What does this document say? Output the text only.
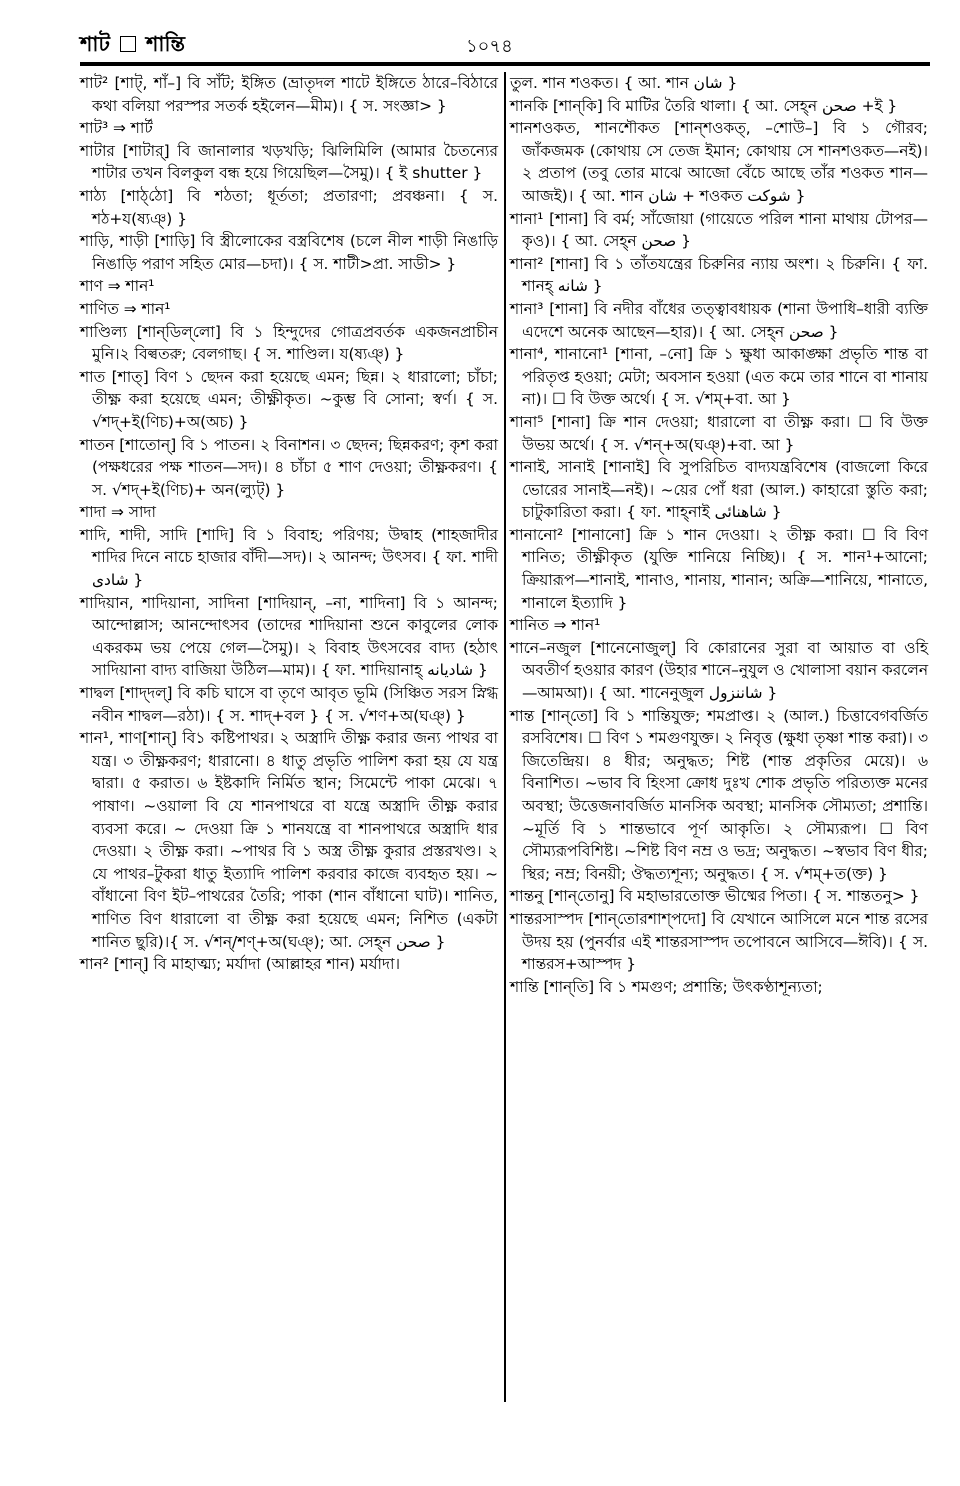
শাট শান্তি	১০৭৪

শাট² [শাট্, শাঁ–] বি সাঁট; ইঙ্গিত (ভ্রাতৃদল শাটে ইঙ্গিতে ঠারে–বিঠারে কথা বলিয়া পরস্পর সতর্ক হইলেন—মীম)। { স. সংজ্ঞা> }

শাট³ ⇒ শার্ট

শাটার [শাটার্] বি জানালার খড়খড়ি; ঝিলিমিলি (আমার চৈতন্যের শাটার তখন বিলকুল বন্ধ হয়ে গিয়েছিল—সৈমু)। { ই shutter }

শাঠ্য [শাঠ্‌ঠো] বি শঠতা; ধূর্ততা; প্রতারণা; প্রবঞ্চনা। { স. শঠ+য(ষ্যঞ্‌) }

শাড়ি, শাড়ী [শাড়ি] বি স্ত্রীলোকের বস্ত্রবিশেষ (চলে নীল শাড়ী নিঙাড়ি নিঙাড়ি পরাণ সহিত মোর—চদা)। { স. শাটী>প্রা. সাডী> }

শাণ ⇒ শান¹

শাণিত ⇒ শান¹

শাণ্ডিল্য [শান্‌ডিল্‌লো] বি ১ হিন্দুদের গোত্রপ্রবর্তক একজনপ্রাচীন মুনি।২ বিল্বতরু; বেলগাছ। { স. শাণ্ডিল। য(ষ্যঞ্‌) }

শাত [শাত্] বিণ ১ ছেদন করা হয়েছে এমন; ছিন্ন। ২ ধারালো; চাঁচা; তীক্ষ্ণ করা হয়েছে এমন; তীক্ষ্ণীকৃত। ~কুম্ভ বি সোনা; স্বর্ণ। { স. √শদ্+ই(ণিচ)+অ(অচ) }

শাতন [শাতোন্] বি ১ পাতন। ২ বিনাশন। ৩ ছেদন; ছিন্নকরণ; কৃশ করা (পক্ষধরের পক্ষ শাতন—সদ)। ৪ চাঁচা ৫ শাণ দেওয়া; তীক্ষ্ণকরণ। { স. √শদ্+ই(ণিচ)+ অন(ল্যুট্) }

শাদা ⇒ সাদা

শাদি, শাদী, সাদি [শাদি] বি ১ বিবাহ; পরিণয়; উদ্বাহ (শাহজাদীর শাদির দিনে নাচে হাজার বাঁদী—সদ)। ২ আনন্দ; উৎসব। { ফা. শাদী شادی }

শাদিয়ান, শাদিয়ানা, সাদিনা [শাদিয়ান্, –না, শাদিনা] বি ১ আনন্দ; আন্দোল্লাস; আনন্দোৎসব (তাদের শাদিয়ানা শুনে কাবুলের লোক একরকম ভয় পেয়ে গেল—সৈমু)। ২ বিবাহ উৎসবের বাদ্য (হঠাৎ সাদিয়ানা বাদ্য বাজিয়া উঠিল—মাম)। { ফা. শাদিয়ানাহ্ شادیانه }

শাদ্বল [শাদ্‌দল্] বি কচি ঘাসে বা তৃণে আবৃত ভূমি (সিঞ্চিত সরস স্নিগ্ধ নবীন শাদ্বল—রঠা)। { স. শাদ্+বল } { স. √শণ+অ(ঘঞ্‌) }

শান¹, শাণ[শান্] বি১ কষ্টিপাথর। ২ অস্ত্রাদি তীক্ষ্ণ করার জন্য পাথর বা যন্ত্র। ৩ তীক্ষ্ণকরণ; ধারানো। ৪ ধাতু প্রভৃতি পালিশ করা হয় যে যন্ত্র দ্বারা। ৫ করাত। ৬ ইষ্টকাদি নির্মিত স্থান; সিমেন্টে পাকা মেঝে। ৭ পাষাণ। ~ওয়ালা বি যে শানপাথরে বা যন্ত্রে অস্ত্রাদি তীক্ষ্ণ করার ব্যবসা করে। ~ দেওয়া ক্রি ১ শানযন্ত্রে বা শানপাথরে অস্ত্রাদি ধার দেওয়া। ২ তীক্ষ্ণ করা। ~পাথর বি ১ অস্ত্র তীক্ষ্ণ কুরার প্রস্তরখণ্ড। ২ যে পাথর–টুকরা ধাতু ইত্যাদি পালিশ করবার কাজে ব্যবহৃত হয়। ~ বাঁধানো বিণ ইট–পাথরের তৈরি; পাকা (শান বাঁধানো ঘাট)। শানিত, শাণিত বিণ ধারালো বা তীক্ষ্ণ করা হয়েছে এমন; নিশিত (একটা শানিত ছুরি)।{ স. √শন্/শণ্+অ(ঘঞ্‌); আ. সেহ্‌ন صحن }

শান² [শান্] বি মাহাত্ম্য; মর্যাদা (আল্লাহর শান) মর্যাদা।

তুল. শান শওকত। { আ. শান شان }

শানকি [শান্‌কি] বি মাটির তৈরি থালা। { আ. সেহ্‌ন صحن +ই }

শানশওকত, শানশৌকত [শান্‌শওকত্, –শোউ–] বি ১ গৌরব; জাঁকজমক (কোথায় সে তেজ ইমান; কোথায় সে শানশওকত—নই)। ২ প্রতাপ (তবু তোর মাঝে আজো বেঁচে আছে তাঁর শওকত শান—আজই)। { আ. শান شان + শওকত شوکت }

শানা¹ [শানা] বি বর্ম; সাঁজোয়া (গায়েতে পরিল শানা মাথায় টোপর—কৃও)। { আ. সেহ্‌ন صحن }

শানা² [শানা] বি ১ তাঁতযন্ত্রের চিরুনির ন্যায় অংশ। ২ চিরুনি। { ফা. শানহ্ شانه }

শানা³ [শানা] বি নদীর বাঁধের তত্ত্বাবধায়ক (শানা উপাধি–ধারী ব্যক্তি এদেশে অনেক আছেন—হার)। { আ. সেহ্‌ন صحن }

শানা⁴, শানানো¹ [শানা, –নো] ক্রি ১ ক্ষুধা আকাঙ্ক্ষা প্রভৃতি শান্ত বা পরিতৃপ্ত হওয়া; মেটা; অবসান হওয়া (এত কমে তার শানে বা শানায় না)। ☐ বি উক্ত অর্থে। { স. √শম্+বা. আ }

শানা⁵ [শানা] ক্রি শান দেওয়া; ধারালো বা তীক্ষ্ণ করা। ☐ বি উক্ত উভয় অর্থে। { স. √শন্+অ(ঘঞ্‌)+বা. আ }

শানাই, সানাই [শানাই] বি সুপরিচিত বাদ্যযন্ত্রবিশেষ (বাজলো কিরে ভোরের সানাই—নই)। ~য়ের পোঁ ধরা (আল.) কাহারো স্তুতি করা; চাটুকারিতা করা। { ফা. শাহ্‌নাই شاهنائی }

শানানো² [শানানো] ক্রি ১ শান দেওয়া। ২ তীক্ষ্ণ করা। ☐ বি বিণ শানিত; তীক্ষ্ণীকৃত (যুক্তি শানিয়ে নিচ্ছি)। { স. শান¹+আনো; ক্রিয়ারূপ—শানাই, শানাও, শানায়, শানান; অক্রি—শানিয়ে, শানাতে, শানালে ইত্যাদি }

শানিত ⇒ শান¹

শানে–নজুল [শানেনোজুল্] বি কোরানের সুরা বা আয়াত বা ওহি অবতীর্ণ হওয়ার কারণ (উহার শানে–নুযুল ও খোলাসা বয়ান করলেন—আমআ)। { আ. শানেনুজুল شاننزول }

শান্ত [শান্‌তো] বি ১ শান্তিযুক্ত; শমপ্রাপ্ত। ২ (আল.) চিত্তাবেগবর্জিত রসবিশেষ। ☐ বিণ ১ শমগুণযুক্ত। ২ নিবৃত্ত (ক্ষুধা তৃষ্ণা শান্ত করা)। ৩ জিতেন্দ্রিয়। ৪ ধীর; অনুদ্ধত; শিষ্ট (শান্ত প্রকৃতির মেয়ে)। ৬ বিনাশিত। ~ভাব বি হিংসা ক্রোধ দুঃখ শোক প্রভৃতি পরিত্যক্ত মনের অবস্থা; উত্তেজনাবর্জিত মানসিক অবস্থা; মানসিক সৌম্যতা; প্রশান্তি। ~মূর্তি বি ১ শান্তভাবে পূর্ণ আকৃতি। ২ সৌম্যরূপ। ☐ বিণ সৌম্যরূপবিশিষ্ট। ~শিষ্ট বিণ নম্র ও ভদ্র; অনুদ্ধত। ~স্বভাব বিণ ধীর; স্থির; নম্র; বিনয়ী; ঔদ্ধত্যশূন্য; অনুদ্ধত। { স. √শম্+ত(ক্ত) }

শান্তনু [শান্‌তোনু] বি মহাভারতোক্ত ভীষ্মের পিতা। { স. শান্ততনু> }

শান্তরসাস্পদ [শান্‌তোরশাশ্‌পদো] বি যেখানে আসিলে মনে শান্ত রসের উদয় হয় (পুনর্বার এই শান্তরসাস্পদ তপোবনে আসিবে—ঈবি)। { স. শান্তরস+আস্পদ }

শান্তি [শান্‌তি] বি ১ শমগুণ; প্রশান্তি; উৎকণ্ঠাশূন্যতা;
